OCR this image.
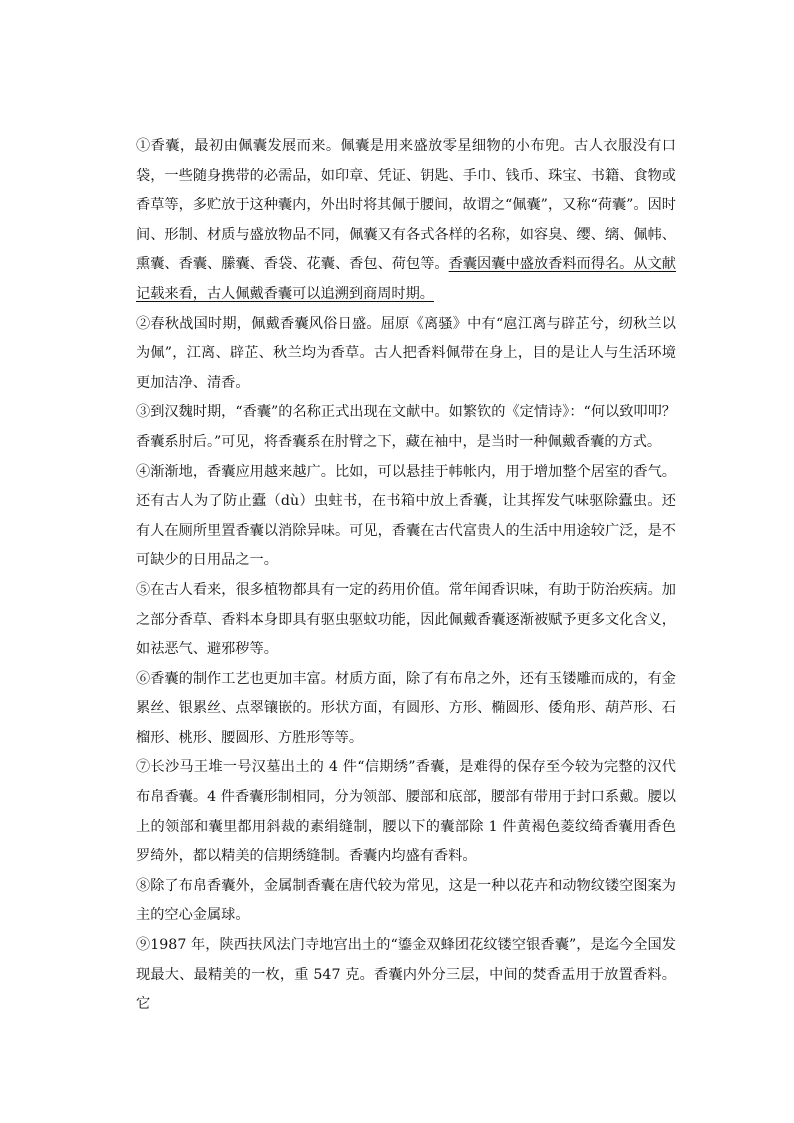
①香囊，最初由佩囊发展而来。佩囊是用来盛放零星细物的小布兜。古人衣服没有口袋，一些随身携带的必需品，如印章、凭证、钥匙、手巾、钱币、珠宝、书籍、食物或香草等，多贮放于这种囊内，外出时将其佩于腰间，故谓之“佩囊”，又称“荷囊”。因时间、形制、材质与盛放物品不同，佩囊又有各式各样的名称，如容臭、缨、缡、佩帏、熏囊、香囊、縢囊、香袋、花囊、香包、荷包等。香囊因囊中盛放香料而得名。从文献记载来看，古人佩戴香囊可以追溯到商周时期。

②春秋战国时期，佩戴香囊风俗日盛。屈原《离骚》中有“扈江离与辟芷兮，纫秋兰以为佩”，江离、辟芷、秋兰均为香草。古人把香料佩带在身上，目的是让人与生活环境更加洁净、清香。

③到汉魏时期，“香囊”的名称正式出现在文献中。如繁钦的《定情诗》：“何以致叩叩？香囊系肘后。”可见，将香囊系在肘臂之下，藏在袖中，是当时一种佩戴香囊的方式。

④渐渐地，香囊应用越来越广。比如，可以悬挂于帏帐内，用于增加整个居室的香气。还有古人为了防止蠹（dù）虫蛀书，在书箱中放上香囊，让其挥发气味驱除蠹虫。还有人在厕所里置香囊以消除异味。可见，香囊在古代富贵人的生活中用途较广泛，是不可缺少的日用品之一。

⑤在古人看来，很多植物都具有一定的药用价值。常年闻香识味，有助于防治疾病。加之部分香草、香料本身即具有驱虫驱蚊功能，因此佩戴香囊逐渐被赋予更多文化含义，如祛恶气、避邪秽等。

⑥香囊的制作工艺也更加丰富。材质方面，除了有布帛之外，还有玉镂雕而成的，有金累丝、银累丝、点翠镶嵌的。形状方面，有圆形、方形、椭圆形、倭角形、葫芦形、石榴形、桃形、腰圆形、方胜形等等。

⑦长沙马王堆一号汉墓出土的 4 件“信期绣”香囊，是难得的保存至今较为完整的汉代布帛香囊。4 件香囊形制相同，分为领部、腰部和底部，腰部有带用于封口系戴。腰以上的领部和囊里都用斜裁的素绢缝制，腰以下的囊部除 1 件黄褐色菱纹绮香囊用香色罗绮外，都以精美的信期绣缝制。香囊内均盛有香料。

⑧除了布帛香囊外，金属制香囊在唐代较为常见，这是一种以花卉和动物纹镂空图案为主的空心金属球。

⑨1987 年，陕西扶风法门寺地宫出土的“鎏金双蜂团花纹镂空银香囊”，是迄今全国发现最大、最精美的一枚，重 547 克。香囊内外分三层，中间的焚香盂用于放置香料。它
